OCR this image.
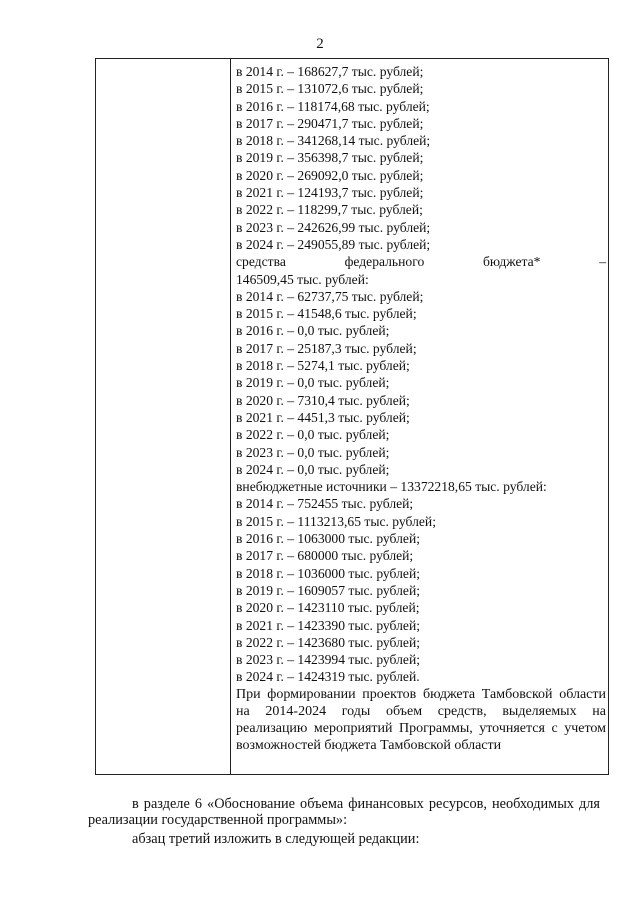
2
в 2014 г. – 168627,7 тыс. рублей;
в 2015 г. – 131072,6 тыс. рублей;
в 2016 г. – 118174,68 тыс. рублей;
в 2017 г. – 290471,7 тыс. рублей;
в 2018 г. – 341268,14 тыс. рублей;
в 2019 г. – 356398,7 тыс. рублей;
в 2020 г. – 269092,0 тыс. рублей;
в 2021 г. – 124193,7 тыс. рублей;
в 2022 г. – 118299,7 тыс. рублей;
в 2023 г. – 242626,99 тыс. рублей;
в 2024 г. – 249055,89 тыс. рублей;
средства федерального бюджета* –
146509,45 тыс. рублей:
в 2014 г. – 62737,75 тыс. рублей;
в 2015 г. – 41548,6 тыс. рублей;
в 2016 г. – 0,0 тыс. рублей;
в 2017 г. – 25187,3 тыс. рублей;
в 2018 г. – 5274,1 тыс. рублей;
в 2019 г. – 0,0 тыс. рублей;
в 2020 г. – 7310,4 тыс. рублей;
в 2021 г. – 4451,3 тыс. рублей;
в 2022 г. – 0,0 тыс. рублей;
в 2023 г. – 0,0 тыс. рублей;
в 2024 г. – 0,0 тыс. рублей;
внебюджетные источники – 13372218,65 тыс. рублей:
в 2014 г. – 752455 тыс. рублей;
в 2015 г. – 1113213,65 тыс. рублей;
в 2016 г. – 1063000 тыс. рублей;
в 2017 г. – 680000 тыс. рублей;
в 2018 г. – 1036000 тыс. рублей;
в 2019 г. – 1609057 тыс. рублей;
в 2020 г. – 1423110 тыс. рублей;
в 2021 г. – 1423390 тыс. рублей;
в 2022 г. – 1423680 тыс. рублей;
в 2023 г. – 1423994 тыс. рублей;
в 2024 г. – 1424319 тыс. рублей.
При формировании проектов бюджета Тамбовской области на 2014-2024 годы объем средств, выделяемых на реализацию мероприятий Программы, уточняется с учетом возможностей бюджета Тамбовской области

в разделе 6 «Обоснование объема финансовых ресурсов, необходимых для реализации государственной программы»:

абзац третий изложить в следующей редакции:
